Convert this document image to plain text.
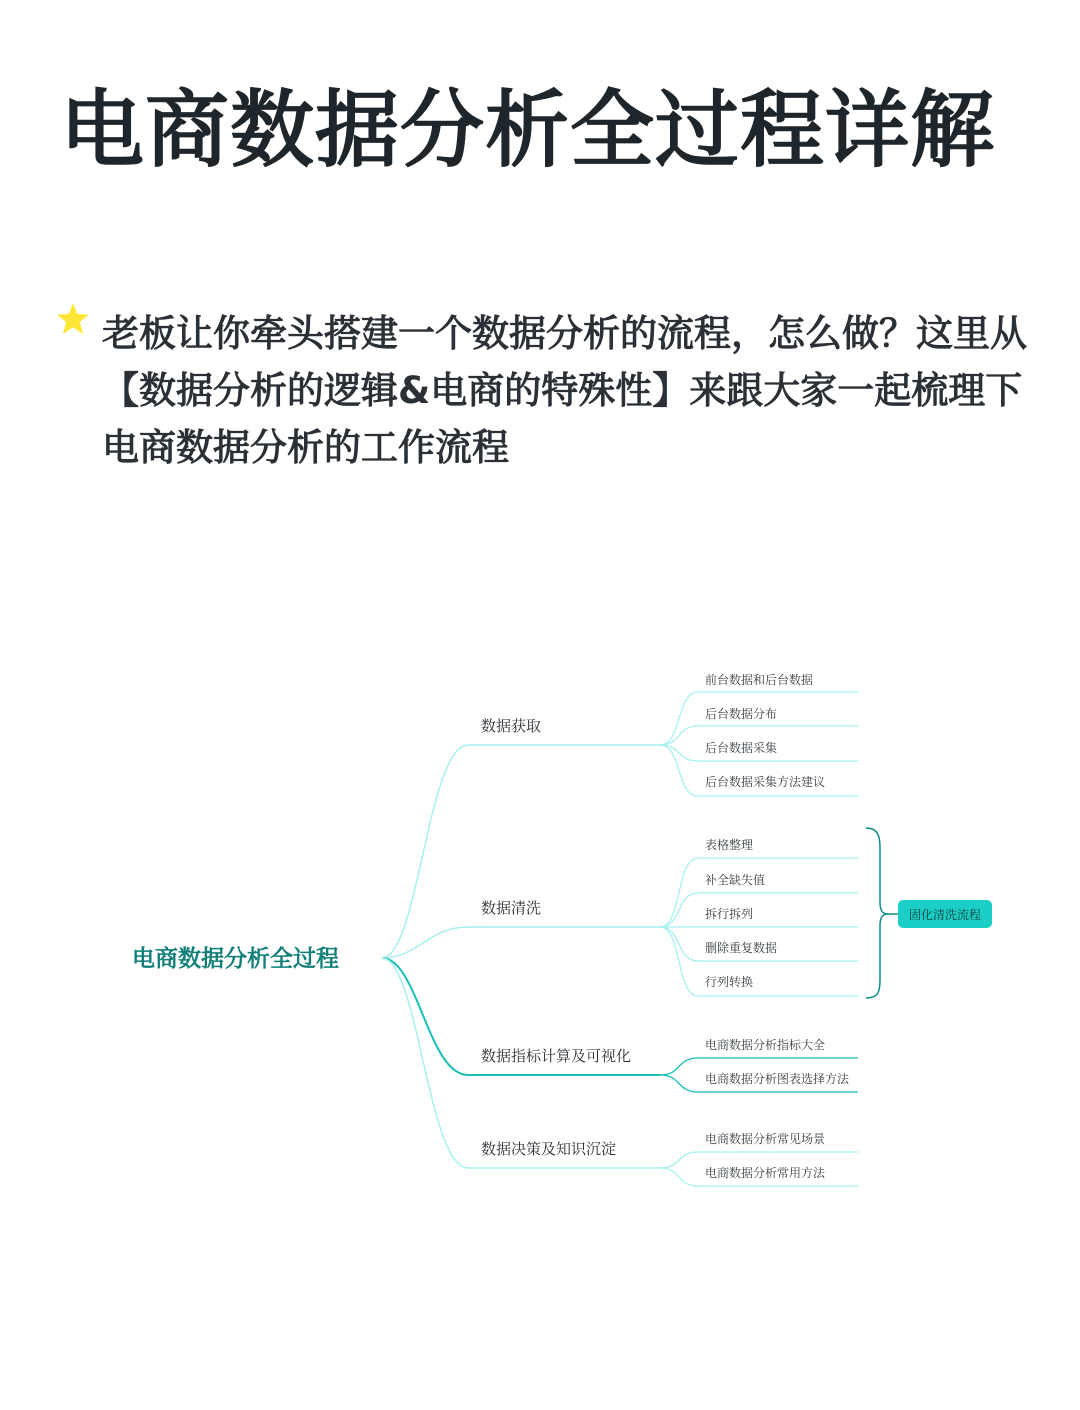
电商数据分析全过程详解
老板让你牵头搭建一个数据分析的流程，怎么做？这里从【数据分析的逻辑&电商的特殊性】来跟大家一起梳理下电商数据分析的工作流程
固化清洗流程
电商数据分析全过程
数据获取
数据清洗
数据指标计算及可视化
数据决策及知识沉淀
前台数据和后台数据
后台数据分布
后台数据采集
后台数据采集方法建议
表格整理
补全缺失值
拆行拆列
删除重复数据
行列转换
电商数据分析指标大全
电商数据分析图表选择方法
电商数据分析常见场景
电商数据分析常用方法
